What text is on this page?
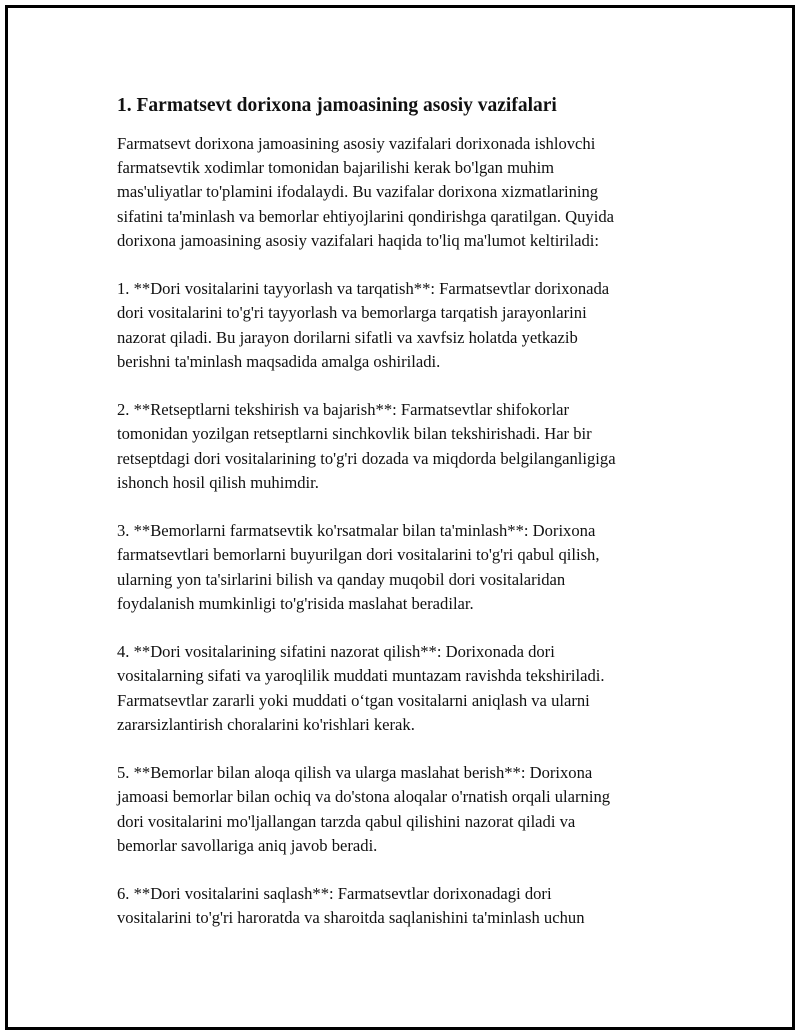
1. Farmatsevt dorixona jamoasining asosiy vazifalari
Farmatsevt dorixona jamoasining asosiy vazifalari dorixonada ishlovchi
farmatsevtik xodimlar tomonidan bajarilishi kerak bo'lgan muhim
mas'uliyatlar to'plamini ifodalaydi. Bu vazifalar dorixona xizmatlarining
sifatini ta'minlash va bemorlar ehtiyojlarini qondirishga qaratilgan. Quyida
dorixona jamoasining asosiy vazifalari haqida to'liq ma'lumot keltiriladi:
1. **Dori vositalarini tayyorlash va tarqatish**: Farmatsevtlar dorixonada
dori vositalarini to'g'ri tayyorlash va bemorlarga tarqatish jarayonlarini
nazorat qiladi. Bu jarayon dorilarni sifatli va xavfsiz holatda yetkazib
berishni ta'minlash maqsadida amalga oshiriladi.
2. **Retseptlarni tekshirish va bajarish**: Farmatsevtlar shifokorlar
tomonidan yozilgan retseptlarni sinchkovlik bilan tekshirishadi. Har bir
retseptdagi dori vositalarining to'g'ri dozada va miqdorda belgilanganligiga
ishonch hosil qilish muhimdir.
3. **Bemorlarni farmatsevtik ko'rsatmalar bilan ta'minlash**: Dorixona
farmatsevtlari bemorlarni buyurilgan dori vositalarini to'g'ri qabul qilish,
ularning yon ta'sirlarini bilish va qanday muqobil dori vositalaridan
foydalanish mumkinligi to'g'risida maslahat beradilar.
4. **Dori vositalarining sifatini nazorat qilish**: Dorixonada dori
vositalarning sifati va yaroqlilik muddati muntazam ravishda tekshiriladi.
Farmatsevtlar zararli yoki muddati o‘tgan vositalarni aniqlash va ularni
zararsizlantirish choralarini ko'rishlari kerak.
5. **Bemorlar bilan aloqa qilish va ularga maslahat berish**: Dorixona
jamoasi bemorlar bilan ochiq va do'stona aloqalar o'rnatish orqali ularning
dori vositalarini mo'ljallangan tarzda qabul qilishini nazorat qiladi va
bemorlar savollariga aniq javob beradi.
6. **Dori vositalarini saqlash**: Farmatsevtlar dorixonadagi dori
vositalarini to'g'ri haroratda va sharoitda saqlanishini ta'minlash uchun
